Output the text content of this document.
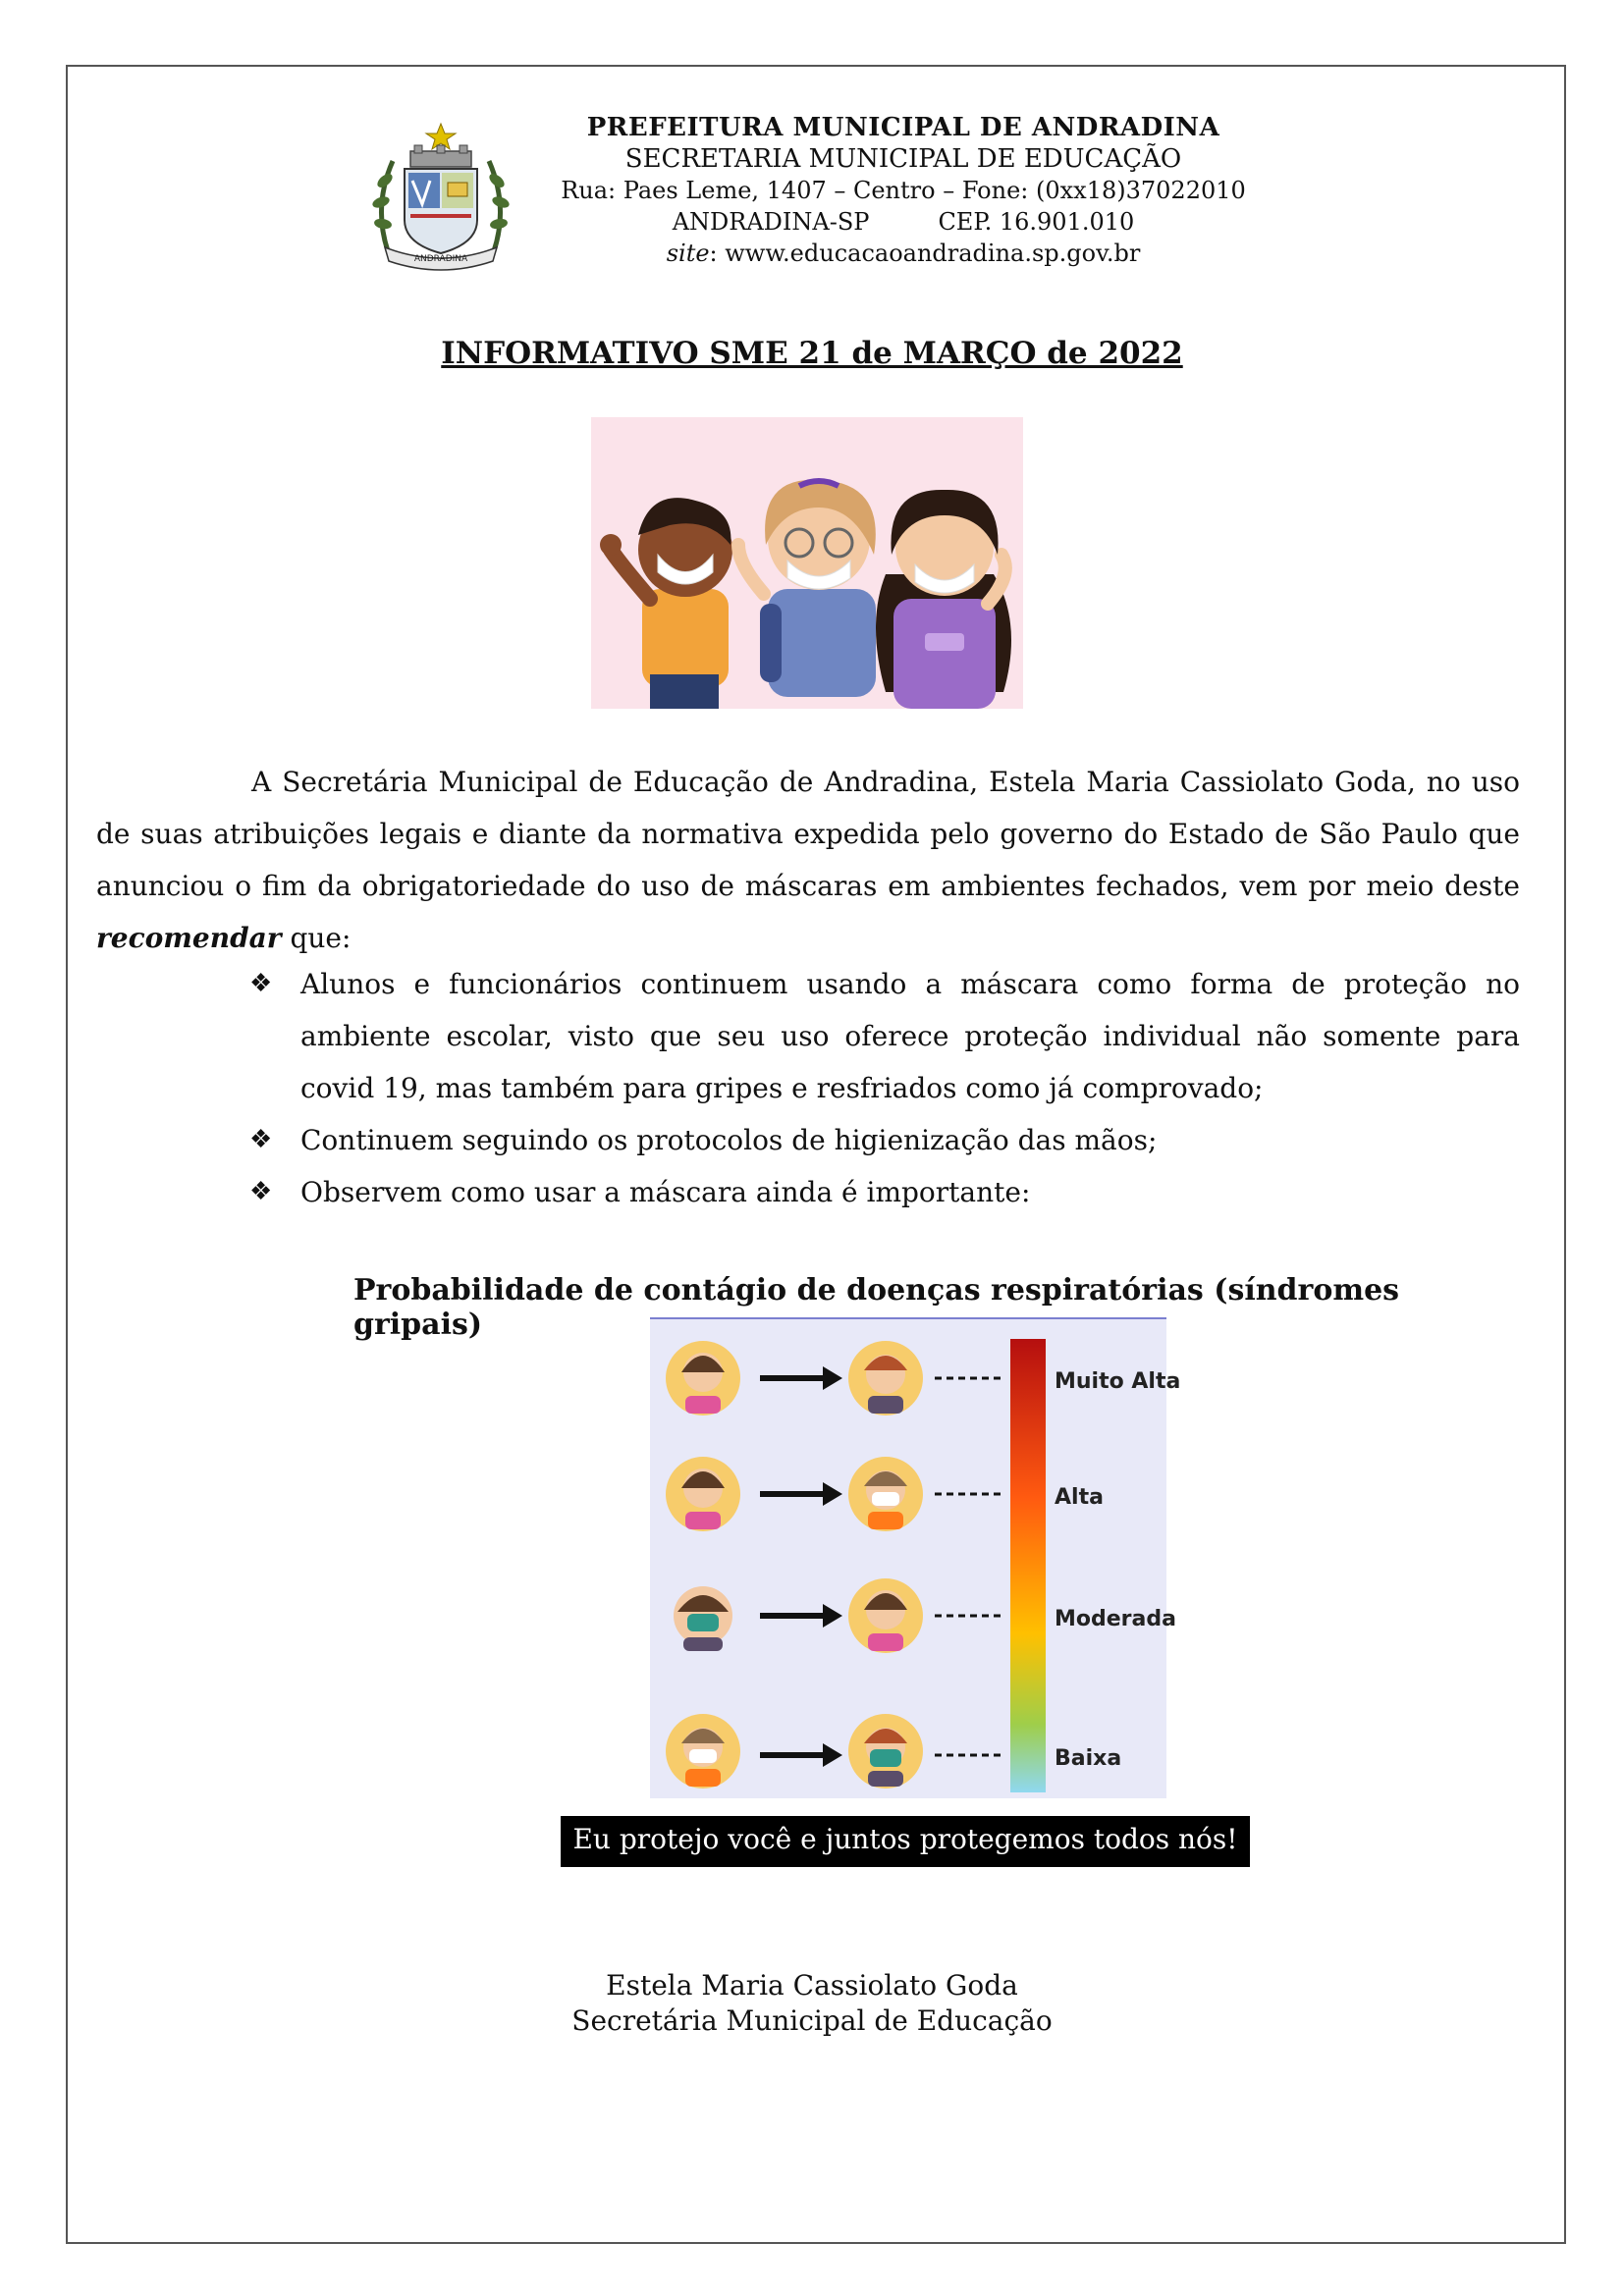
ANDRADINA
PREFEITURA MUNICIPAL DE ANDRADINA
SECRETARIA MUNICIPAL DE EDUCAÇÃO
Rua: Paes Leme, 1407 – Centro – Fone: (0xx18)37022010
ANDRADINA-SP	CEP. 16.901.010
site: www.educacaoandradina.sp.gov.br
INFORMATIVO SME 21 de MARÇO de 2022
A Secretária Municipal de Educação de Andradina, Estela Maria Cassiolato Goda, no uso de suas atribuições legais e diante da normativa expedida pelo governo do Estado de São Paulo que anunciou o fim da obrigatoriedade do uso de máscaras em ambientes fechados, vem por meio deste recomendar que:
❖ Alunos e funcionários continuem usando a máscara como forma de proteção no ambiente escolar, visto que seu uso oferece proteção individual não somente para covid 19, mas também para gripes e resfriados como já comprovado;
❖ Continuem seguindo os protocolos de higienização das mãos;
❖ Observem como usar a máscara ainda é importante:
Probabilidade de contágio de doenças respiratórias (síndromes gripais)
Muito Alta
Alta
Moderada
Baixa
Eu protejo você e juntos protegemos todos nós!
Estela Maria Cassiolato Goda
Secretária Municipal de Educação
